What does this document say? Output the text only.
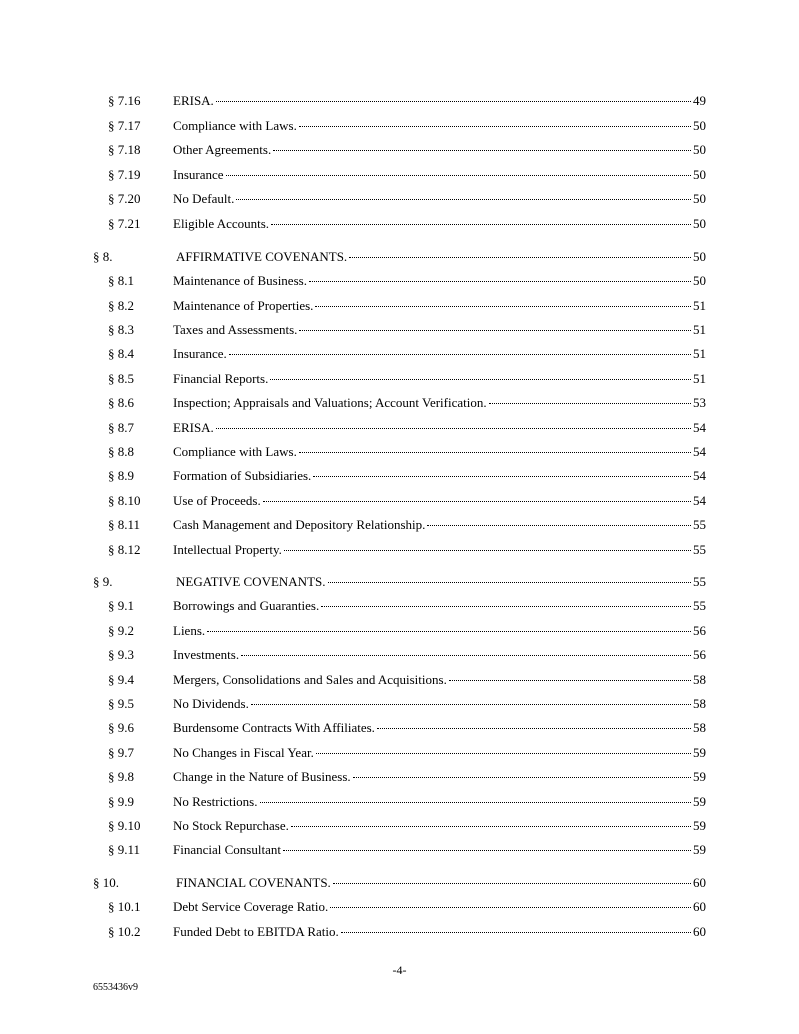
§ 7.16	ERISA.	49
§ 7.17	Compliance with Laws.	50
§ 7.18	Other Agreements.	50
§ 7.19	Insurance	50
§ 7.20	No Default.	50
§ 7.21	Eligible Accounts.	50
§ 8.	AFFIRMATIVE COVENANTS.	50
§ 8.1	Maintenance of Business.	50
§ 8.2	Maintenance of Properties.	51
§ 8.3	Taxes and Assessments.	51
§ 8.4	Insurance.	51
§ 8.5	Financial Reports.	51
§ 8.6	Inspection; Appraisals and Valuations; Account Verification.	53
§ 8.7	ERISA.	54
§ 8.8	Compliance with Laws.	54
§ 8.9	Formation of Subsidiaries.	54
§ 8.10	Use of Proceeds.	54
§ 8.11	Cash Management and Depository Relationship.	55
§ 8.12	Intellectual Property.	55
§ 9.	NEGATIVE COVENANTS.	55
§ 9.1	Borrowings and Guaranties.	55
§ 9.2	Liens.	56
§ 9.3	Investments.	56
§ 9.4	Mergers, Consolidations and Sales and Acquisitions.	58
§ 9.5	No Dividends.	58
§ 9.6	Burdensome Contracts With Affiliates.	58
§ 9.7	No Changes in Fiscal Year.	59
§ 9.8	Change in the Nature of Business.	59
§ 9.9	No Restrictions.	59
§ 9.10	No Stock Repurchase.	59
§ 9.11	Financial Consultant	59
§ 10.	FINANCIAL COVENANTS.	60
§ 10.1	Debt Service Coverage Ratio.	60
§ 10.2	Funded Debt to EBITDA Ratio.	60
-4-
6553436v9
